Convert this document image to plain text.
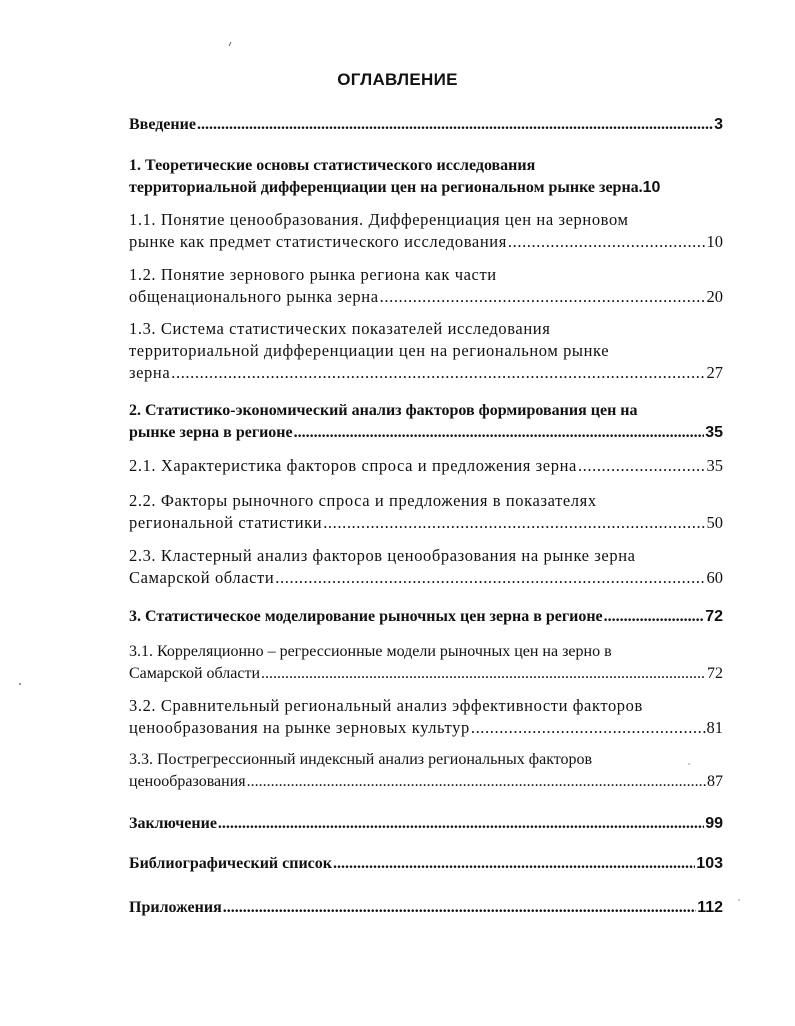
ОГЛАВЛЕНИЕ
Введение .....	3
1. Теоретические основы статистического исследования
территориальной дифференциации цен на региональном рынке зерна. 10
1.1. Понятие ценообразования. Дифференциация цен на зерновом
рынке как предмет статистического исследования .....	10
1.2. Понятие зернового рынка региона как части
общенационального рынка зерна .....	20
1.3. Система статистических показателей исследования
территориальной дифференциации цен на региональном рынке
зерна .....	27
2. Статистико-экономический анализ факторов формирования цен на
рынке зерна в регионе .....	35
2.1. Характеристика факторов спроса и предложения зерна .....	35
2.2. Факторы рыночного спроса и предложения в показателях
региональной статистики .....	50
2.3. Кластерный анализ факторов ценообразования на рынке зерна
Самарской области .....	60
3. Статистическое моделирование рыночных цен зерна в регионе .....	72
3.1. Корреляционно – регрессионные модели рыночных цен на зерно в
Самарской области .....	72
3.2. Сравнительный региональный анализ эффективности факторов
ценообразования на рынке зерновых культур .....	81
3.3. Пострегрессионный индексный анализ региональных факторов
ценообразования .....	87
Заключение .....	99
Библиографический список .....	103
Приложения .....	112
